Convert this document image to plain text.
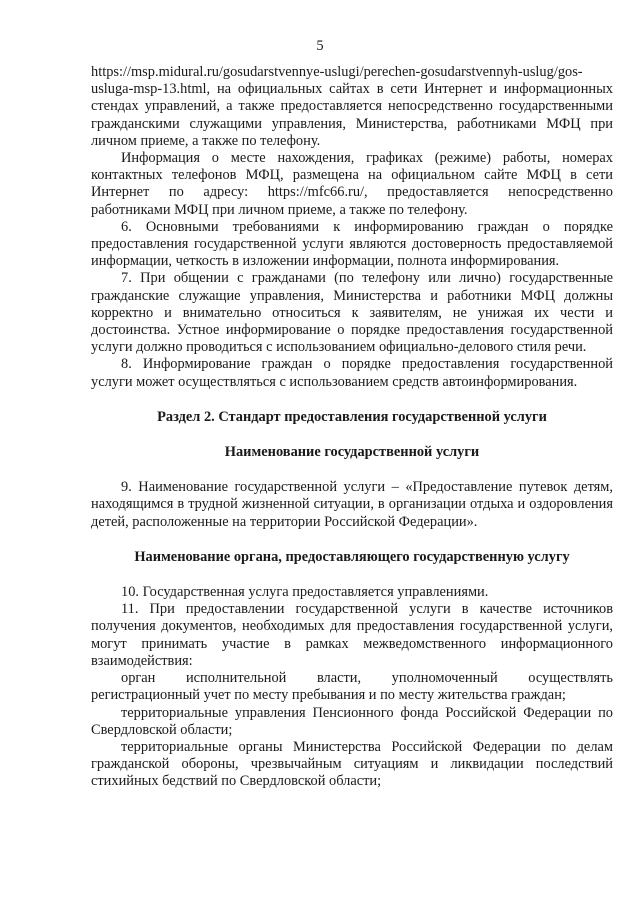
5

https://msp.midural.ru/gosudarstvennye-uslugi/perechen-gosudarstvennyh-uslug/gos-usluga-msp-13.html, на официальных сайтах в сети Интернет и информационных стендах управлений, а также предоставляется непосредственно государственными гражданскими служащими управления, Министерства, работниками МФЦ при личном приеме, а также по телефону.

Информация о месте нахождения, графиках (режиме) работы, номерах контактных телефонов МФЦ, размещена на официальном сайте МФЦ в сети Интернет по адресу: https://mfc66.ru/, предоставляется непосредственно работниками МФЦ при личном приеме, а также по телефону.

6. Основными требованиями к информированию граждан о порядке предоставления государственной услуги являются достоверность предоставляемой информации, четкость в изложении информации, полнота информирования.

7. При общении с гражданами (по телефону или лично) государственные гражданские служащие управления, Министерства и работники МФЦ должны корректно и внимательно относиться к заявителям, не унижая их чести и достоинства. Устное информирование о порядке предоставления государственной услуги должно проводиться с использованием официально-делового стиля речи.

8. Информирование граждан о порядке предоставления государственной услуги может осуществляться с использованием средств автоинформирования.

Раздел 2. Стандарт предоставления государственной услуги

Наименование государственной услуги

9. Наименование государственной услуги – «Предоставление путевок детям, находящимся в трудной жизненной ситуации, в организации отдыха и оздоровления детей, расположенные на территории Российской Федерации».

Наименование органа, предоставляющего государственную услугу

10. Государственная услуга предоставляется управлениями.

11. При предоставлении государственной услуги в качестве источников получения документов, необходимых для предоставления государственной услуги, могут принимать участие в рамках межведомственного информационного взаимодействия:

орган исполнительной власти, уполномоченный осуществлять регистрационный учет по месту пребывания и по месту жительства граждан;

территориальные управления Пенсионного фонда Российской Федерации по Свердловской области;

территориальные органы Министерства Российской Федерации по делам гражданской обороны, чрезвычайным ситуациям и ликвидации последствий стихийных бедствий по Свердловской области;
